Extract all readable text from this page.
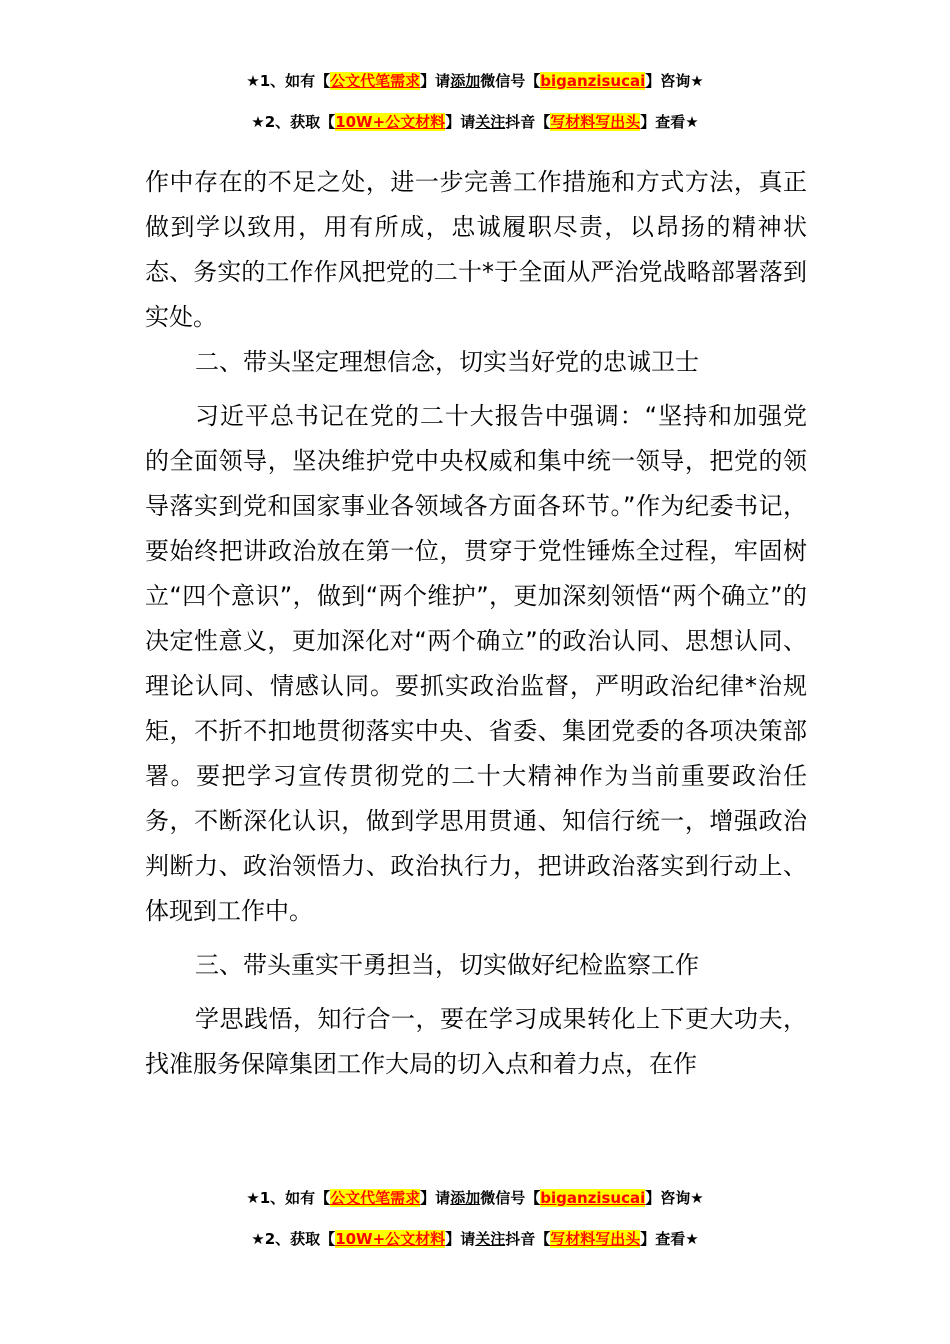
★1、如有【公文代笔需求】请添加微信号【biganzisucai】咨询★
★2、获取【10W+公文材料】请关注抖音【写材料写出头】查看★

作中存在的不足之处，进一步完善工作措施和方式方法，真正做到学以致用，用有所成，忠诚履职尽责，以昂扬的精神状态、务实的工作作风把党的二十*于全面从严治党战略部署落到实处。

二、带头坚定理想信念，切实当好党的忠诚卫士

习近平总书记在党的二十大报告中强调：“坚持和加强党的全面领导，坚决维护党中央权威和集中统一领导，把党的领导落实到党和国家事业各领域各方面各环节。”作为纪委书记，要始终把讲政治放在第一位，贯穿于党性锤炼全过程，牢固树立“四个意识”，做到“两个维护”，更加深刻领悟“两个确立”的决定性意义，更加深化对“两个确立”的政治认同、思想认同、理论认同、情感认同。要抓实政治监督，严明政治纪律*治规矩，不折不扣地贯彻落实中央、省委、集团党委的各项决策部署。要把学习宣传贯彻党的二十大精神作为当前重要政治任务，不断深化认识，做到学思用贯通、知信行统一，增强政治判断力、政治领悟力、政治执行力，把讲政治落实到行动上、体现到工作中。

三、带头重实干勇担当，切实做好纪检监察工作

学思践悟，知行合一，要在学习成果转化上下更大功夫，找准服务保障集团工作大局的切入点和着力点，在作

★1、如有【公文代笔需求】请添加微信号【biganzisucai】咨询★
★2、获取【10W+公文材料】请关注抖音【写材料写出头】查看★
